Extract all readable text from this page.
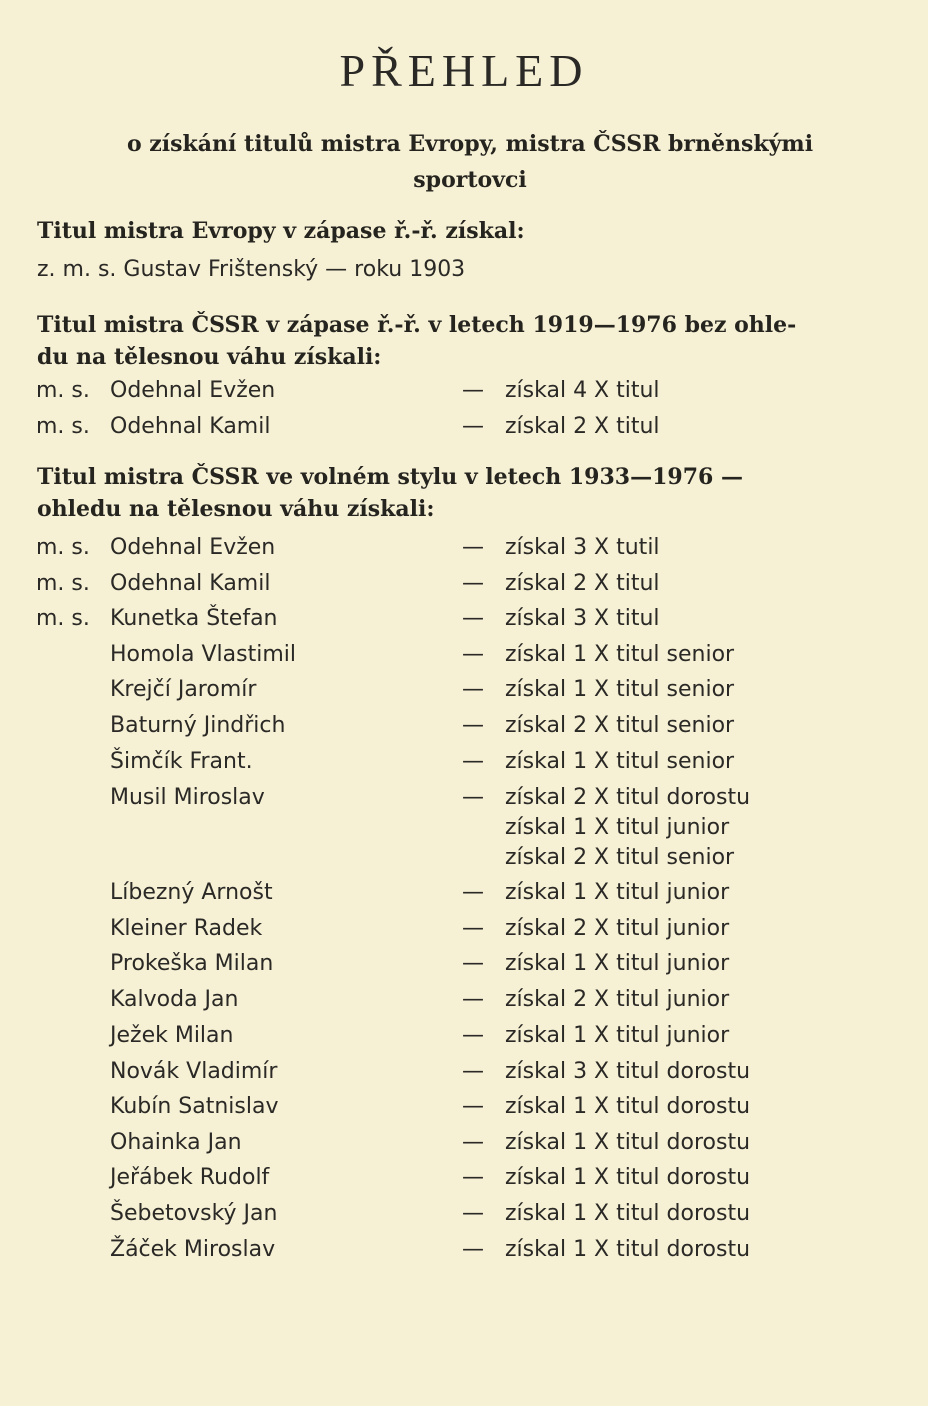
PŘEHLED
o získání titulů mistra Evropy, mistra ČSSR brněnskými
sportovci
Titul mistra Evropy v zápase ř.-ř. získal:
z. m. s. Gustav Frištenský — roku 1903
Titul mistra ČSSR v zápase ř.-ř. v letech 1919—1976 bez ohle-
du na tělesnou váhu získali:
m. s. Odehnal Evžen	— získal 4 X titul
m. s. Odehnal Kamil	— získal 2 X titul
Titul mistra ČSSR ve volném stylu v letech 1933—1976 —
ohledu na tělesnou váhu získali:
m. s. Odehnal Evžen	— získal 3 X tutil
m. s. Odehnal Kamil	— získal 2 X titul
m. s. Kunetka Štefan	— získal 3 X titul
Homola Vlastimil	— získal 1 X titul senior
Krejčí Jaromír	— získal 1 X titul senior
Baturný Jindřich	— získal 2 X titul senior
Šimčík Frant.	— získal 1 X titul senior
Musil Miroslav	— získal 2 X titul dorostu
získal 1 X titul junior
získal 2 X titul senior
Líbezný Arnošt	— získal 1 X titul junior
Kleiner Radek	— získal 2 X titul junior
Prokeška Milan	— získal 1 X titul junior
Kalvoda Jan	— získal 2 X titul junior
Ježek Milan	— získal 1 X titul junior
Novák Vladimír	— získal 3 X titul dorostu
Kubín Satnislav	— získal 1 X titul dorostu
Ohainka Jan	— získal 1 X titul dorostu
Jeřábek Rudolf	— získal 1 X titul dorostu
Šebetovský Jan	— získal 1 X titul dorostu
Žáček Miroslav	— získal 1 X titul dorostu
